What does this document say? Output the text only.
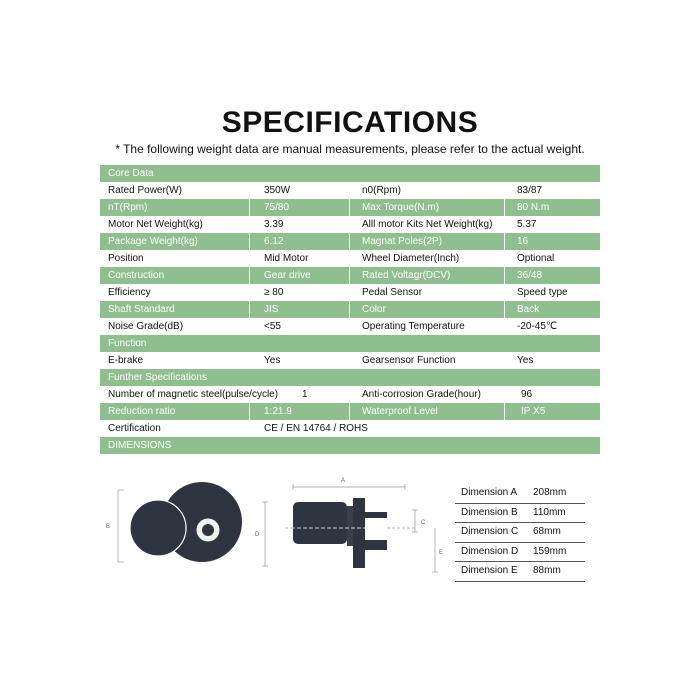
SPECIFICATIONS
* The following weight data are manual measurements, please refer to the actual weight.
Core Data
Rated Power(W)	350W	n0(Rpm)	83/87
nT(Rpm)	75/80	Max Torque(N.m)	80 N.m
Motor Net Weight(kg)	3.39	Alll motor Kits Net Weight(kg)	5.37
Package Weight(kg)	6.12	Magnat Poles(2P)	16
Position	Mid Motor	Wheel Diameter(Inch)	Optional
Construction	Gear drive	Rated Voltagr(DCV)	36/48
Efficiency	≥ 80	Pedal Sensor	Speed type
Shaft Standard	JIS	Color	Back
Noise Grade(dB)	<55	Operating Temperature	-20-45℃
Function
E-brake	Yes	Gearsensor Function	Yes
Funther Specifications
Number of magnetic steel(pulse/cycle)	1	Anti-corrosion Grade(hour)	96
Reduction ratio	1:21.9	Waterproof Level	IP X5
Certification	CE / EN 14764 / ROHS
DIMENSIONS
B
A
D
C
E
Dimension A 208mm
Dimension B 110mm
Dimension C 68mm
Dimension D 159mm
Dimension E 88mm
